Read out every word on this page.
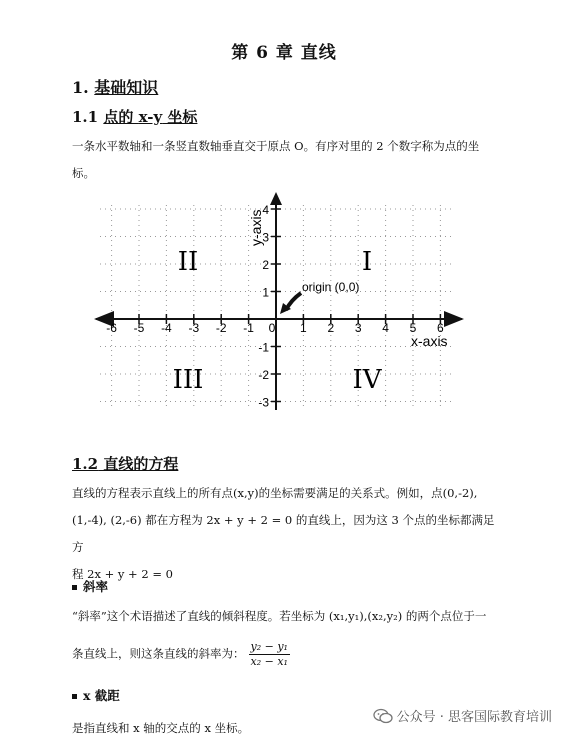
第 6 章 直线
1. 基础知识
1.1 点的 x-y 坐标
一条水平数轴和一条竖直数轴垂直交于原点 O。有序对里的 2 个数字称为点的坐
标。
-6 -5 -4 -3 -2 -1 0 1 2 3 4 5 6
4
3
2
1
-1
-2
-3
x-axis
y-axis
origin (0,0)
II	I
III	IV
1.2 直线的方程
直线的方程表示直线上的所有点(x,y)的坐标需要满足的关系式。例如，点(0,-2),
(1,-4), (2,-6) 都在方程为 2x + y + 2 = 0 的直线上，因为这 3 个点的坐标都满足方
程 2x + y + 2 = 0
斜率
“斜率”这个术语描述了直线的倾斜程度。若坐标为 (x₁,y₁),(x₂,y₂) 的两个点位于一
条直线上，则这条直线的斜率为： $\frac{\text{y₂ − y₁}}{\text{x₂ − x₁}}$
x 截距
是指直线和 x 轴的交点的 x 坐标。
公众号 · 思客国际教育培训
